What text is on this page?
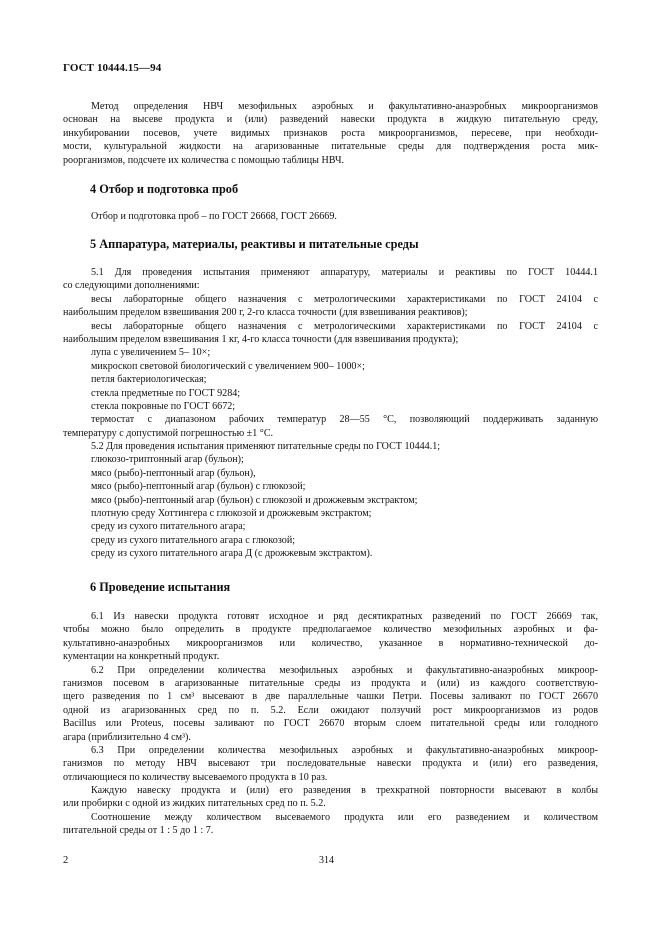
ГОСТ 10444.15—94
Метод определения НВЧ мезофильных аэробных и факультативно-анаэробных микроорганизмов
основан на высеве продукта и (или) разведений навески продукта в жидкую питательную среду,
инкубировании посевов, учете видимых признаков роста микроорганизмов, пересеве, при необходи-
мости, культуральной жидкости на агаризованные питательные среды для подтверждения роста мик-
роорганизмов, подсчете их количества с помощью таблицы НВЧ.
4 Отбор и подготовка проб
Отбор и подготовка проб – по ГОСТ 26668, ГОСТ 26669.
5 Аппаратура, материалы, реактивы и питательные среды
5.1 Для проведения испытания применяют аппаратуру, материалы и реактивы по ГОСТ 10444.1
со следующими дополнениями:
весы лабораторные общего назначения с метрологическими характеристиками по ГОСТ 24104 с
наибольшим пределом взвешивания 200 г, 2-го класса точности (для взвешивания реактивов);
весы лабораторные общего назначения с метрологическими характеристиками по ГОСТ 24104 с
наибольшим пределом взвешивания 1 кг, 4-го класса точности (для взвешивания продукта);
лупа с увеличением 5– 10×;
микроскоп световой биологический с увеличением 900– 1000×;
петля бактериологическая;
стекла предметные по ГОСТ 9284;
стекла покровные по ГОСТ 6672;
термостат с диапазоном рабочих температур 28—55 °С, позволяющий поддерживать заданную
температуру с допустимой погрешностью ±1 °С.
5.2 Для проведения испытания применяют питательные среды по ГОСТ 10444.1;
глюкозо-триптонный агар (бульон);
мясо (рыбо)-пептонный агар (бульон),
мясо (рыбо)-пептонный агар (бульон) с глюкозой;
мясо (рыбо)-пептонный агар (бульон) с глюкозой и дрожжевым экстрактом;
плотную среду Хоттингера с глюкозой и дрожжевым экстрактом;
среду из сухого питательного агара;
среду из сухого питательного агара с глюкозой;
среду из сухого питательного агара Д (с дрожжевым экстрактом).
6 Проведение испытания
6.1 Из навески продукта готовят исходное и ряд десятикратных разведений по ГОСТ 26669 так,
чтобы можно было определить в продукте предполагаемое количество мезофильных аэробных и фа-
культативно-анаэробных микроорганизмов или количество, указанное в нормативно-технической до-
кументации на конкретный продукт.
6.2 При определении количества мезофильных аэробных и факультативно-анаэробных микроор-
ганизмов посевом в агаризованные питательные среды из продукта и (или) из каждого соответствую-
щего разведения по 1 см³ высевают в две параллельные чашки Петри. Посевы заливают по ГОСТ 26670
одной из агаризованных сред по п. 5.2. Если ожидают ползучий рост микроорганизмов из родов
Bacillus или Proteus, посевы заливают по ГОСТ 26670 вторым слоем питательной среды или голодного
агара (приблизительно 4 см³).
6.3 При определении количества мезофильных аэробных и факультативно-анаэробных микроор-
ганизмов по методу НВЧ высевают три последовательные навески продукта и (или) его разведения,
отличающиеся по количеству высеваемого продукта в 10 раз.
Каждую навеску продукта и (или) его разведения в трехкратной повторности высевают в колбы
или пробирки с одной из жидких питательных сред по п. 5.2.
Соотношение между количеством высеваемого продукта или его разведением и количеством
питательной среды от 1 : 5 до 1 : 7.
2	314
